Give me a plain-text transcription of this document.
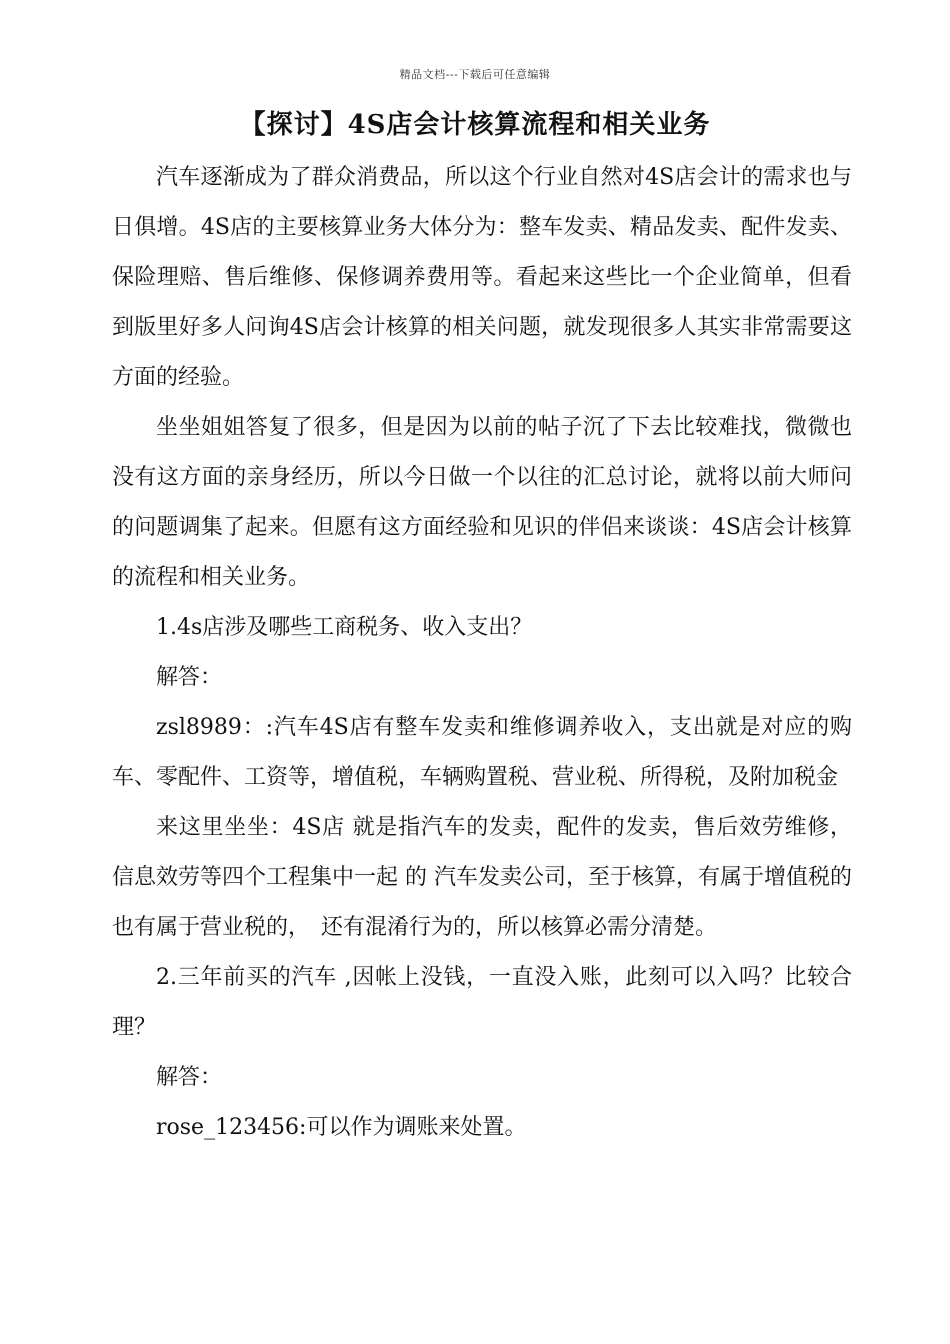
精品文档---下载后可任意编辑
【探讨】4S店会计核算流程和相关业务

汽车逐渐成为了群众消费品，所以这个行业自然对4S店会计的需求也与日俱增。4S店的主要核算业务大体分为：整车发卖、精品发卖、配件发卖、保险理赔、售后维修、保修调养费用等。看起来这些比一个企业简单，但看到版里好多人问询4S店会计核算的相关问题，就发现很多人其实非常需要这方面的经验。

坐坐姐姐答复了很多，但是因为以前的帖子沉了下去比较难找，微微也没有这方面的亲身经历，所以今日做一个以往的汇总讨论，就将以前大师问的问题调集了起来。但愿有这方面经验和见识的伴侣来谈谈：4S店会计核算的流程和相关业务。

1.4s店涉及哪些工商税务、收入支出？

解答：

zsl8989：:汽车4S店有整车发卖和维修调养收入，支出就是对应的购车、零配件、工资等，增值税，车辆购置税、营业税、所得税，及附加税金

来这里坐坐：4S店 就是指汽车的发卖，配件的发卖，售后效劳维修，信息效劳等四个工程集中一起 的 汽车发卖公司，至于核算，有属于增值税的　也有属于营业税的，　还有混淆行为的，所以核算必需分清楚。

2.三年前买的汽车 ,因帐上没钱，一直没入账，此刻可以入吗？比较合理？

解答：

rose_123456:可以作为调账来处置。
